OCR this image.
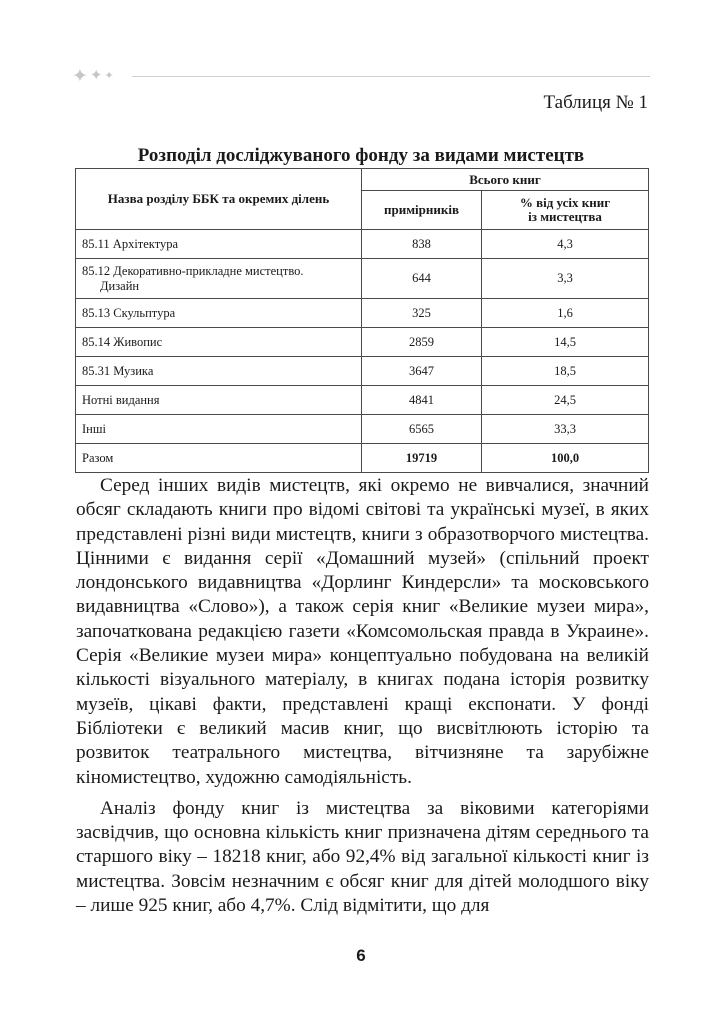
✦ ✦ ✦
Таблиця № 1
Розподіл досліджуваного фонду за видами мистецтв
Назва розділу ББК та окремих ділень	Всього книг	
	примірників	% від усіх книг
із мистецтва
85.11 Архітектура	838	4,3
85.12 Декоративно-прикладне мистецтво.
Дизайн	644	3,3
85.13 Скульптура	325	1,6
85.14 Живопис	2859	14,5
85.31 Музика	3647	18,5
Нотні видання	4841	24,5
Інші	6565	33,3
Разом	19719	100,0

Серед інших видів мистецтв, які окремо не вивчалися, значний обсяг складають книги про відомі світові та українські музеї, в яких представлені різні види мистецтв, книги з образотворчого мистецтва. Цінними є видання серії «Домашний музей» (спільний проект лондонського видавництва «Дорлинг Киндерсли» та московського видавництва «Слово»), а також серія книг «Великие музеи мира», започаткована редакцією газети «Комсомольская правда в Украине». Серія «Великие музеи мира» концептуально побудована на великій кількості візуального матеріалу, в книгах подана історія розвитку музеїв, цікаві факти, представлені кращі експонати. У фонді Бібліотеки є великий масив книг, що висвітлюють історію та розвиток театрального мистецтва, вітчизняне та зарубіжне кіномистецтво, художню самодіяльність.

Аналіз фонду книг із мистецтва за віковими категоріями засвідчив, що основна кількість книг призначена дітям середнього та старшого віку – 18218 книг, або 92,4% від загальної кількості книг із мистецтва. Зовсім незначним є обсяг книг для дітей молодшого віку – лише 925 книг, або 4,7%. Слід відмітити, що для

6
